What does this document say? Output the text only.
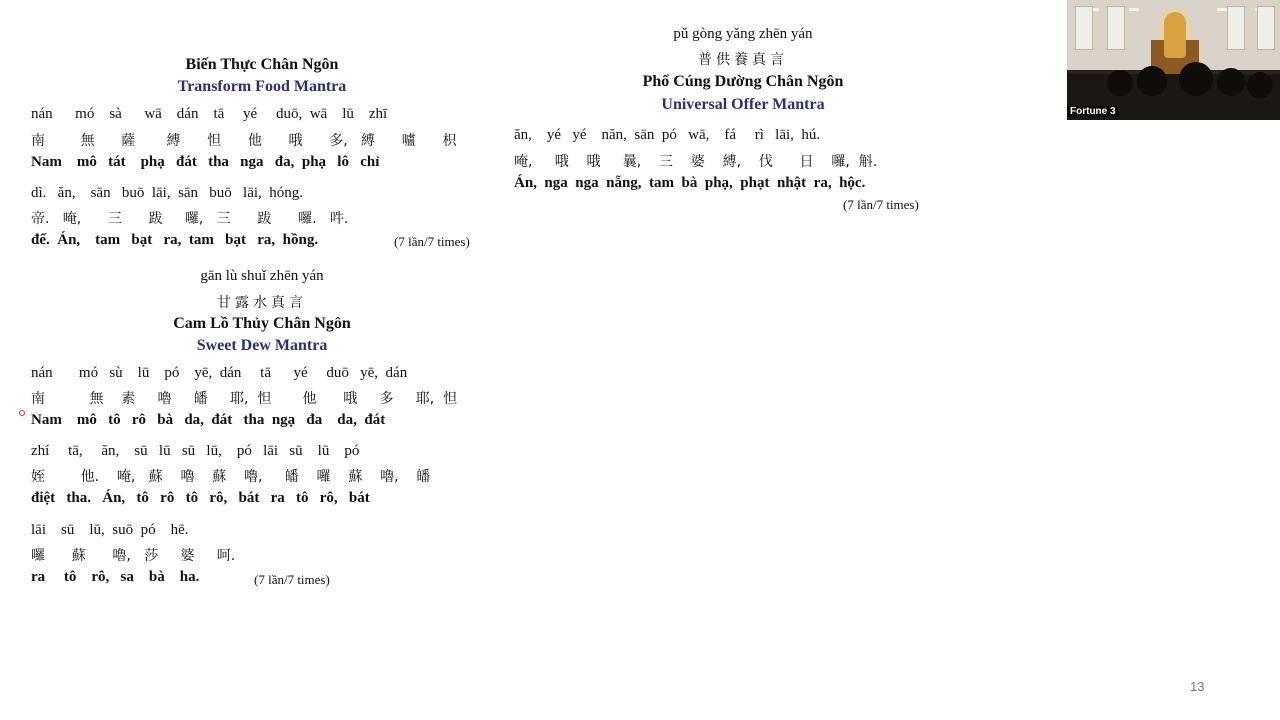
Biến Thực Chân Ngôn
Transform Food Mantra
nán      mó    sà      wā    dán    tā     yé     duō,  wā    lū    zhī
南        無      薩       縛      怛      他      哦      多,   縛      嚧      枳
Nam    mô   tát    phạ   đát   tha   nga   đa,  phạ   lô   chỉ
dì.   ăn,    sān   buō  lāi,  sān   buō   lāi,  hóng.
帝.   唵,      三      跋     囉,   三      跋      囉.   吽.
đế.  Án,    tam   bạt   ra,  tam   bạt   ra,  hồng.	(7 lần/7 times)
gān lù shuǐ zhēn yán
甘露水真言
Cam Lồ Thủy Chân Ngôn
Sweet Dew Mantra
nán       mó   sù    lū    pó    yē,  dán     tā      yé     duō   yē,  dán
南          無    素     嚕     皤     耶,  怛       他      哦     多     耶,  怛
Nam    mô   tô   rô   bà   da,  đát   tha  ngạ   đa    da,  đát
zhí     tā,     ăn,    sū   lū   sū   lū,    pó   lāi   sū    lū    pó
姪        他.    唵,   蘇    嚕    蘇    嚕,     皤    囉    蘇    嚕,    皤
điệt   tha.   Án,   tô   rô   tô   rô,   bát   ra   tô   rô,   bát
lāi    sū    lū,  suō  pó    hē.
囉      蘇      嚕,   莎     婆     呵.
ra     tô    rô,   sa    bà    ha.	(7 lần/7 times)
pǔ gòng yǎng zhēn yán
普供養真言
Phổ Cúng Dường Chân Ngôn
Universal Offer Mantra
ăn,    yé   yé    năn,  sān  pó   wā,    fá     rì   lāi,  hú.
唵,     哦    哦     曩,    三    婆    縛,    伐      日    囉,  斛.
Án,  nga  nga  nẵng,  tam  bà  phạ,  phạt  nhật  ra,  hộc.
(7 lần/7 times)
Fortune 3
13
